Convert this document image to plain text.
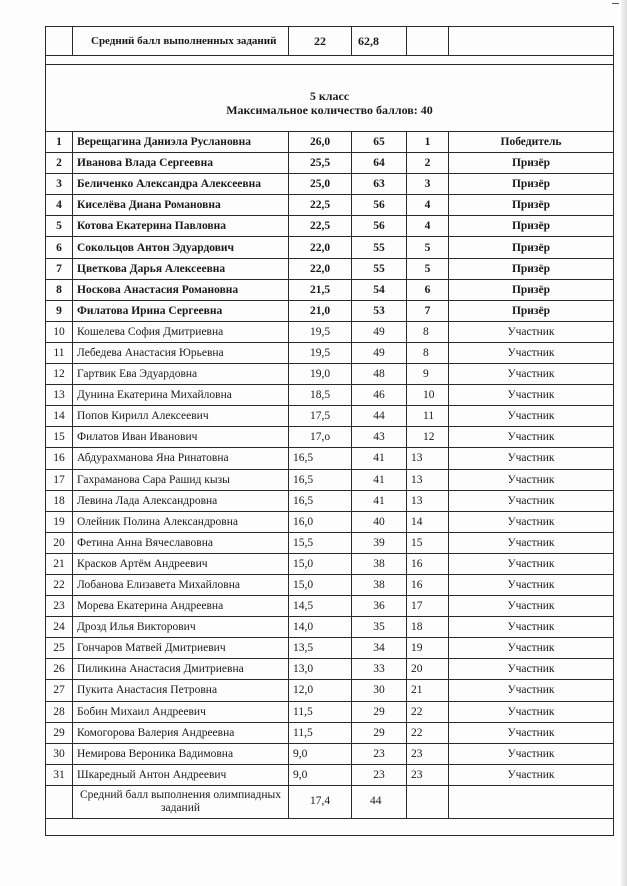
	Средний балл выполненных заданий	22	62,8		

5 класс
Максимальное количество баллов: 40					

1	Верещагина Даниэла Руслановна	26,0	65	1	Победитель
2	Иванова Влада Сергеевна	25,5	64	2	Призёр
3	Беличенко Александра Алексеевна	25,0	63	3	Призёр
4	Киселёва Диана Романовна	22,5	56	4	Призёр
5	Котова Екатерина Павловна	22,5	56	4	Призёр
6	Сокольцов Антон Эдуардович	22,0	55	5	Призёр
7	Цветкова Дарья Алексеевна	22,0	55	5	Призёр
8	Носкова Анастасия Романовна	21,5	54	6	Призёр
9	Филатова Ирина Сергеевна	21,0	53	7	Призёр
10	Кошелева София Дмитриевна	19,5	49	8	Участник
11	Лебедева Анастасия Юрьевна	19,5	49	8	Участник
12	Гартвик Ева Эдуардовна	19,0	48	9	Участник
13	Дунина Екатерина Михайловна	18,5	46	10	Участник
14	Попов Кирилл Алексеевич	17,5	44	11	Участник
15	Филатов Иван Иванович	17,о	43	12	Участник
16	Абдурахманова Яна Ринатовна	16,5	41	13	Участник
17	Гахраманова Сара Рашид кызы	16,5	41	13	Участник
18	Левина Лада Александровна	16,5	41	13	Участник
19	Олейник Полина Александровна	16,0	40	14	Участник
20	Фетина Анна Вячеславовна	15,5	39	15	Участник
21	Красков Артём Андреевич	15,0	38	16	Участник
22	Лобанова Елизавета Михайловна	15,0	38	16	Участник
23	Морева Екатерина Андреевна	14,5	36	17	Участник
24	Дрозд Илья Викторович	14,0	35	18	Участник
25	Гончаров Матвей Дмитриевич	13,5	34	19	Участник
26	Пиликина Анастасия Дмитриевна	13,0	33	20	Участник
27	Пукита Анастасия Петровна	12,0	30	21	Участник
28	Бобин Михаил Андреевич	11,5	29	22	Участник
29	Комогорова Валерия Андреевна	11,5	29	22	Участник
30	Немирова Вероника Вадимовна	9,0	23	23	Участник
31	Шкаредный Антон Андреевич	9,0	23	23	Участник
	Средний балл выполнения олимпиадных заданий	17,4	44		
